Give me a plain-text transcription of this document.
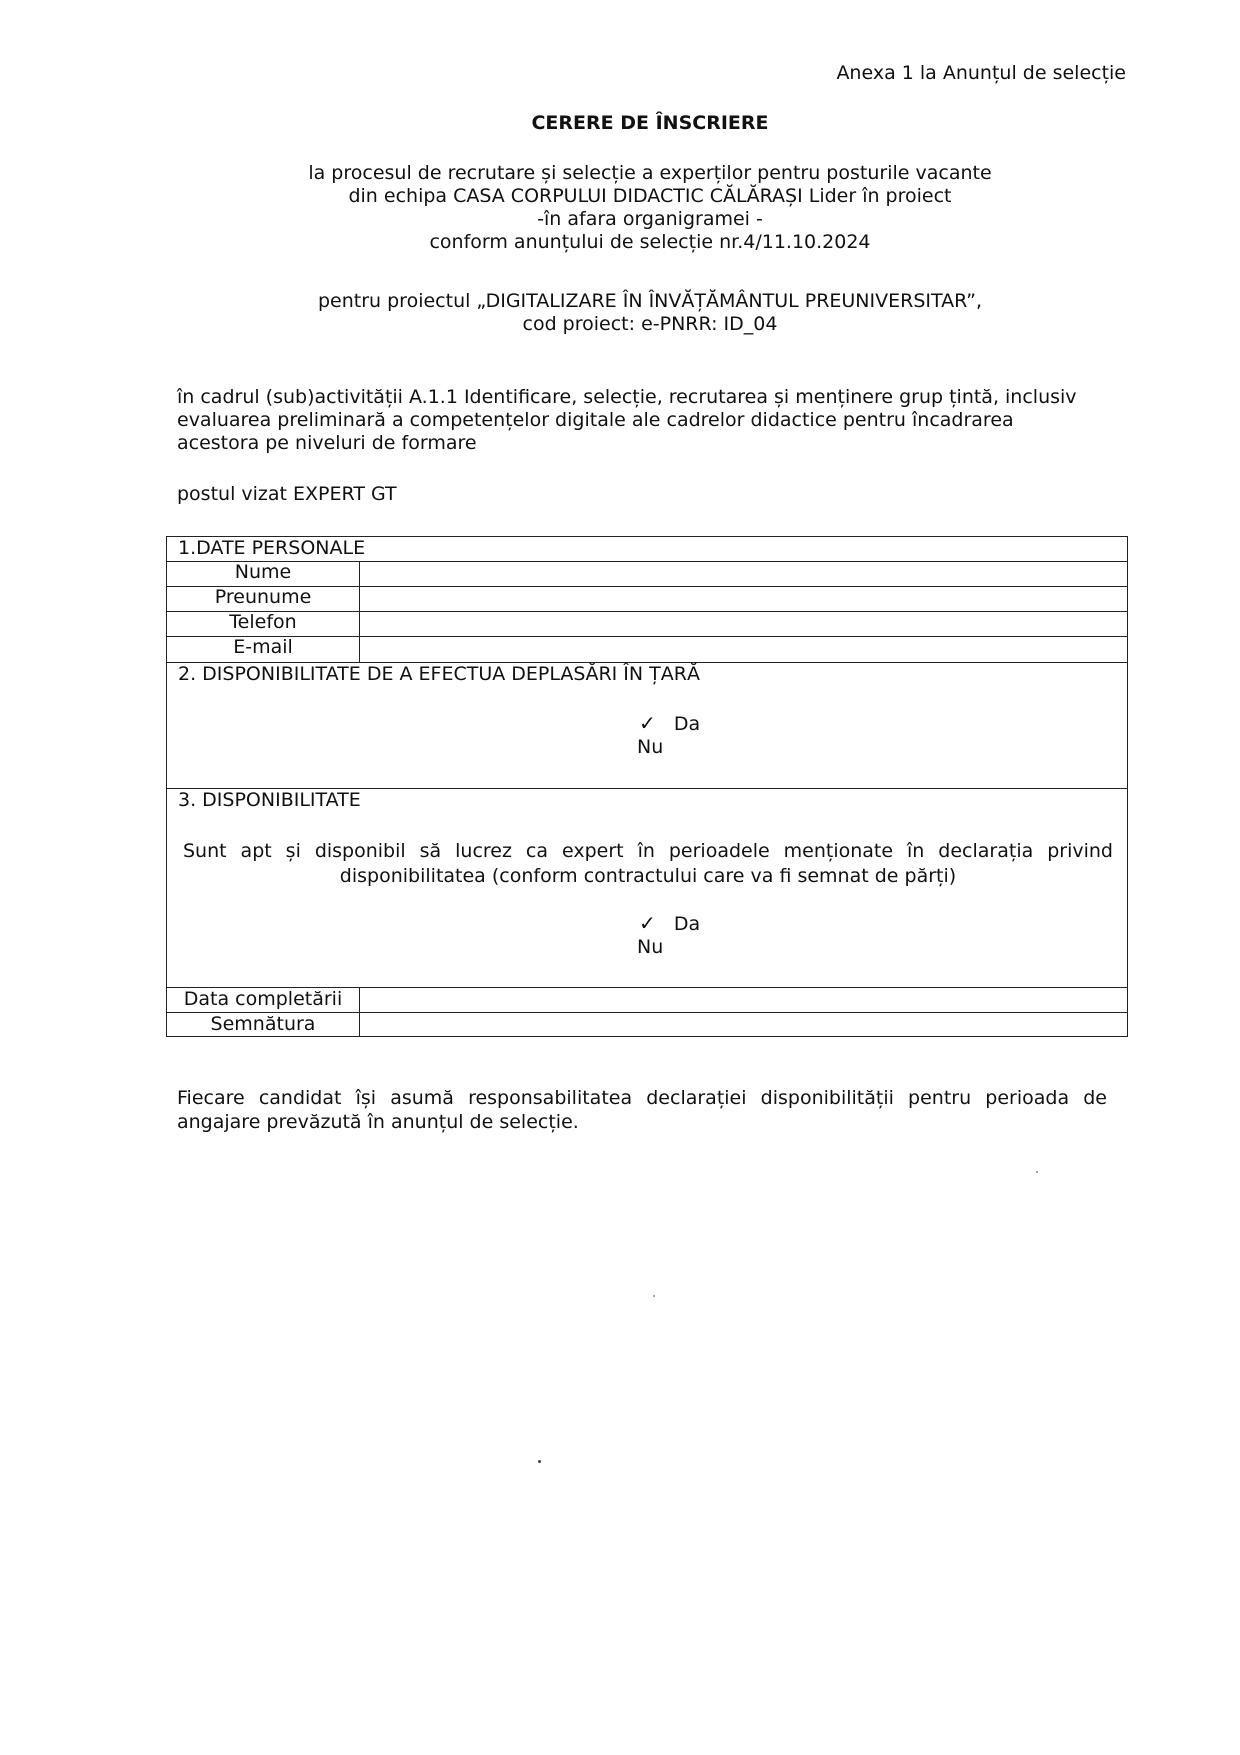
Anexa 1 la Anunțul de selecție
CERERE DE ÎNSCRIERE
la procesul de recrutare și selecție a experților pentru posturile vacante
din echipa CASA CORPULUI DIDACTIC CĂLĂRAȘI Lider în proiect
-în afara organigramei -
conform anunțului de selecție nr.4/11.10.2024
pentru proiectul „DIGITALIZARE ÎN ÎNVĂȚĂMÂNTUL PREUNIVERSITAR”,
cod proiect: e-PNRR: ID_04
în cadrul (sub)activității A.1.1 Identificare, selecție, recrutarea și menținere grup țintă, inclusiv
evaluarea preliminară a competențelor digitale ale cadrelor didactice pentru încadrarea
acestora pe niveluri de formare
postul vizat EXPERT GT
1.DATE PERSONALE
Nume
Preunume
Telefon
E-mail
2. DISPONIBILITATE DE A EFECTUA DEPLASĂRI ÎN ȚARĂ
✓ Da
Nu
3. DISPONIBILITATE
Sunt apt și disponibil să lucrez ca expert în perioadele menționate în declarația privind disponibilitatea (conform contractului care va fi semnat de părți)
✓ Da
Nu
Data completării
Semnătura
Fiecare candidat își asumă responsabilitatea declarației disponibilității pentru perioada de angajare prevăzută în anunțul de selecție.
